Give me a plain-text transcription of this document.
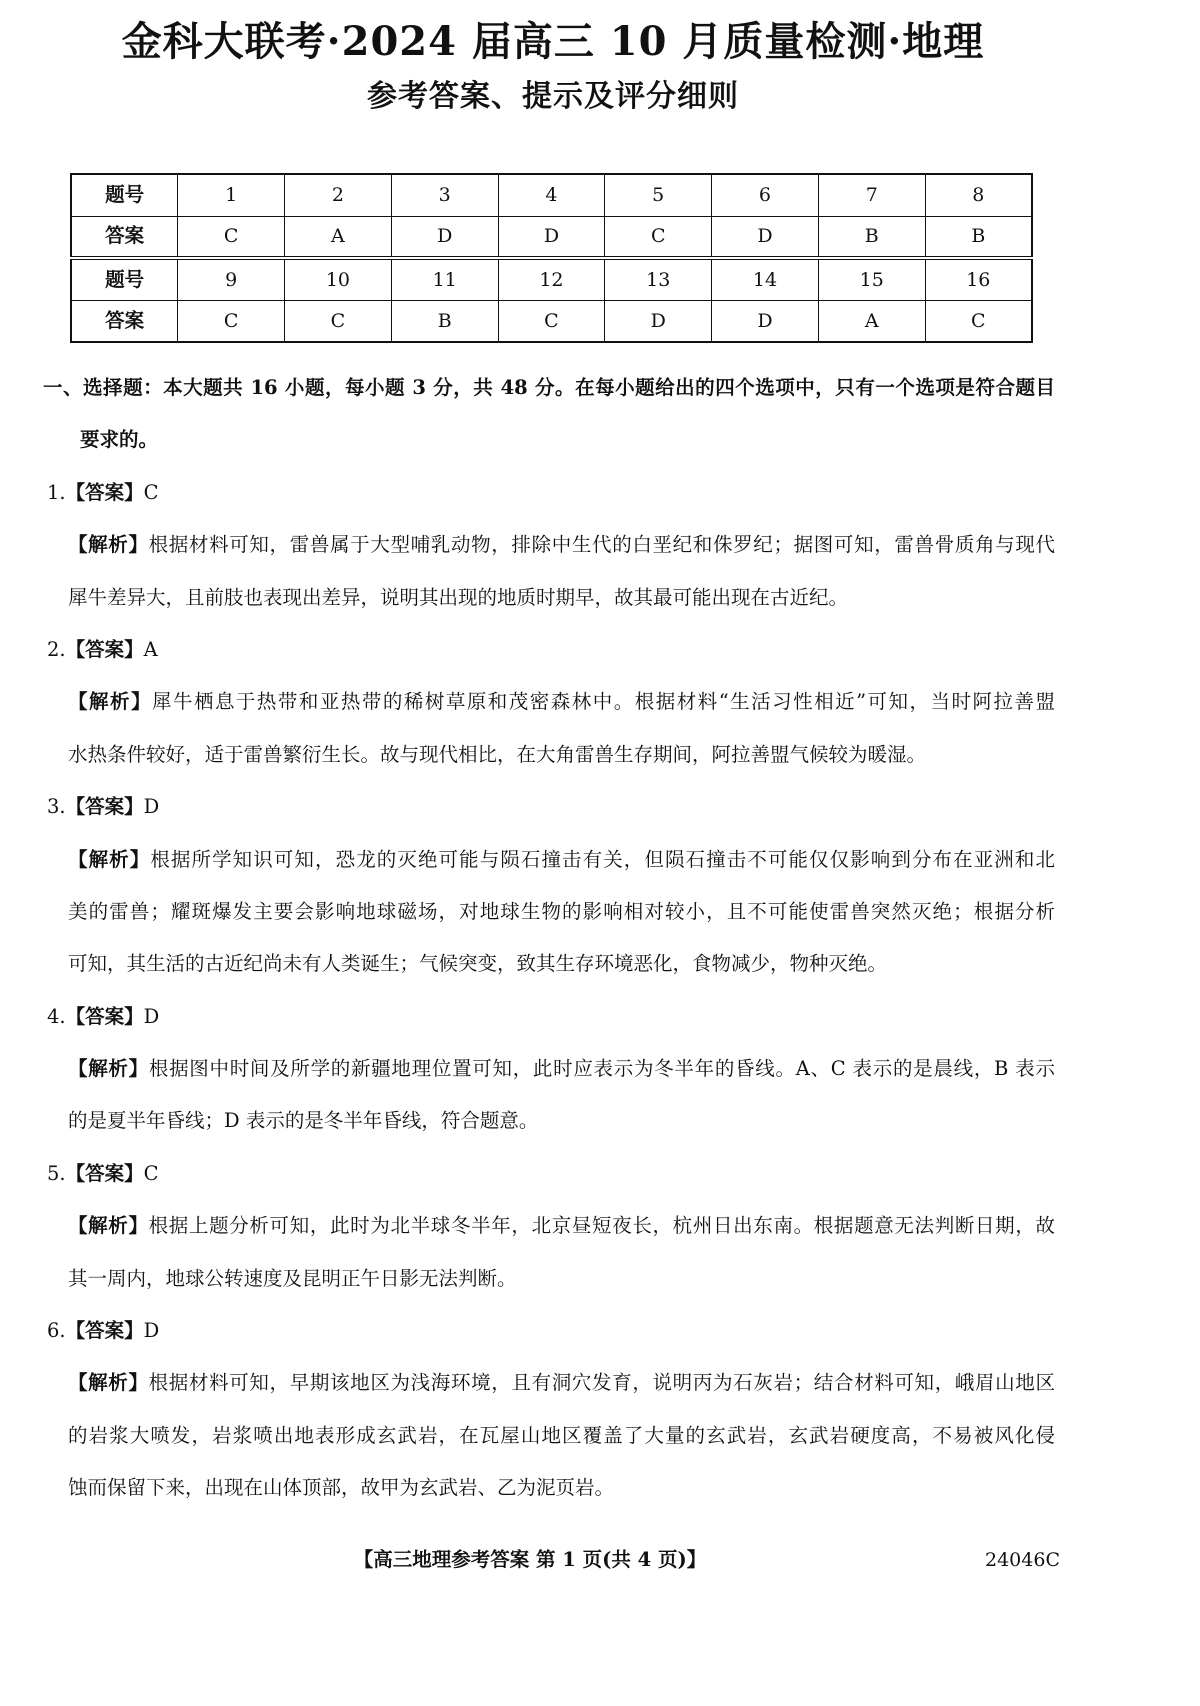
金科大联考·2024 届高三 10 月质量检测·地理
参考答案、提示及评分细则
题号	1	2	3	4	5	6	7	8
答案	C	A	D	D	C	D	B	B
题号	9	10	11	12	13	14	15	16
答案	C	C	B	C	D	D	A	C
一、选择题：本大题共 16 小题，每小题 3 分，共 48 分。在每小题给出的四个选项中，只有一个选项是符合题目
要求的。
1.【答案】C
【解析】根据材料可知，雷兽属于大型哺乳动物，排除中生代的白垩纪和侏罗纪；据图可知，雷兽骨质角与现代
犀牛差异大，且前肢也表现出差异，说明其出现的地质时期早，故其最可能出现在古近纪。
2.【答案】A
【解析】犀牛栖息于热带和亚热带的稀树草原和茂密森林中。根据材料“生活习性相近”可知，当时阿拉善盟
水热条件较好，适于雷兽繁衍生长。故与现代相比，在大角雷兽生存期间，阿拉善盟气候较为暖湿。
3.【答案】D
【解析】根据所学知识可知，恐龙的灭绝可能与陨石撞击有关，但陨石撞击不可能仅仅影响到分布在亚洲和北
美的雷兽；耀斑爆发主要会影响地球磁场，对地球生物的影响相对较小，且不可能使雷兽突然灭绝；根据分析
可知，其生活的古近纪尚未有人类诞生；气候突变，致其生存环境恶化，食物减少，物种灭绝。
4.【答案】D
【解析】根据图中时间及所学的新疆地理位置可知，此时应表示为冬半年的昏线。A、C 表示的是晨线，B 表示
的是夏半年昏线；D 表示的是冬半年昏线，符合题意。
5.【答案】C
【解析】根据上题分析可知，此时为北半球冬半年，北京昼短夜长，杭州日出东南。根据题意无法判断日期，故
其一周内，地球公转速度及昆明正午日影无法判断。
6.【答案】D
【解析】根据材料可知，早期该地区为浅海环境，且有洞穴发育，说明丙为石灰岩；结合材料可知，峨眉山地区
的岩浆大喷发，岩浆喷出地表形成玄武岩，在瓦屋山地区覆盖了大量的玄武岩，玄武岩硬度高，不易被风化侵
蚀而保留下来，出现在山体顶部，故甲为玄武岩、乙为泥页岩。
【高三地理参考答案 第 1 页(共 4 页)】	24046C
